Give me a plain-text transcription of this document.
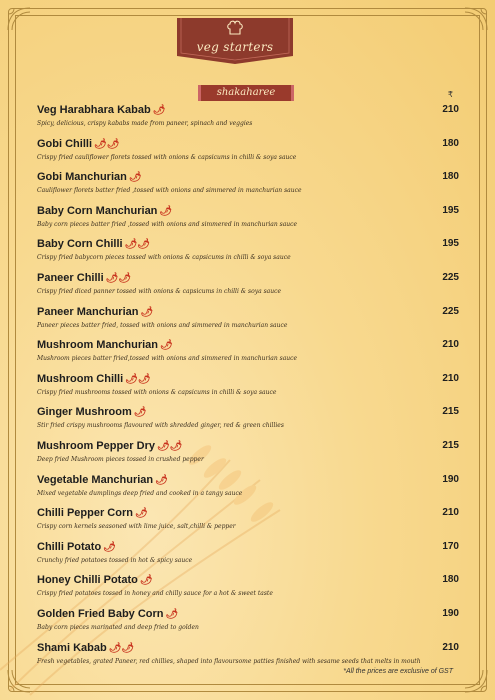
veg starters
shakaharee	₹
Veg Harabhara Kabab 🌶	210
Spicy, delicious, crispy kababs made from paneer, spinach and veggies
Gobi Chilli 🌶🌶	180
Crispy fried cauliflower florets tossed with onions & capsicums in chilli & soya sauce
Gobi Manchurian 🌶	180
Cauliflower florets batter fried ,tossed with onions and simmered in manchurian sauce
Baby Corn Manchurian 🌶	195
Baby corn pieces batter fried ,tossed with onions and simmered in manchurian sauce
Baby Corn Chilli 🌶🌶	195
Crispy fried babycorn pieces tossed with onions & capsicums in chilli & soya sauce
Paneer Chilli 🌶🌶	225
Crispy fried diced panner tossed with onions & capsicums in chilli & soya sauce
Paneer Manchurian 🌶	225
Paneer pieces batter fried, tossed with onions and simmered in manchurian sauce
Mushroom Manchurian 🌶	210
Mushroom pieces batter fried,tossed with onions and simmered in manchurian sauce
Mushroom Chilli 🌶🌶	210
Crispy fried mushrooms tossed with onions & capsicums in chilli & soya sauce
Ginger Mushroom 🌶	215
Stir fried crispy mushrooms flavoured with shredded ginger, red & green chillies
Mushroom Pepper Dry 🌶🌶	215
Deep fried Mushroom pieces tossed in crushed pepper
Vegetable Manchurian 🌶	190
Mixed vegetable dumplings deep fried and cooked in a tangy sauce
Chilli Pepper Corn 🌶	210
Crispy corn kernels seasoned with lime juice, salt,chilli & pepper
Chilli Potato 🌶	170
Crunchy fried potatoes tossed in hot & spicy sauce
Honey Chilli Potato 🌶	180
Crispy fried potatoes tossed in honey and chilly sauce for a hot & sweet taste
Golden Fried Baby Corn 🌶	190
Baby corn pieces marinated and deep fried to golden
Shami Kabab 🌶🌶	210
Fresh vegetables, grated Paneer, red chillies, shaped into flavoursome patties finished with sesame seeds that melts in mouth
*All the prices are exclusive of GST
